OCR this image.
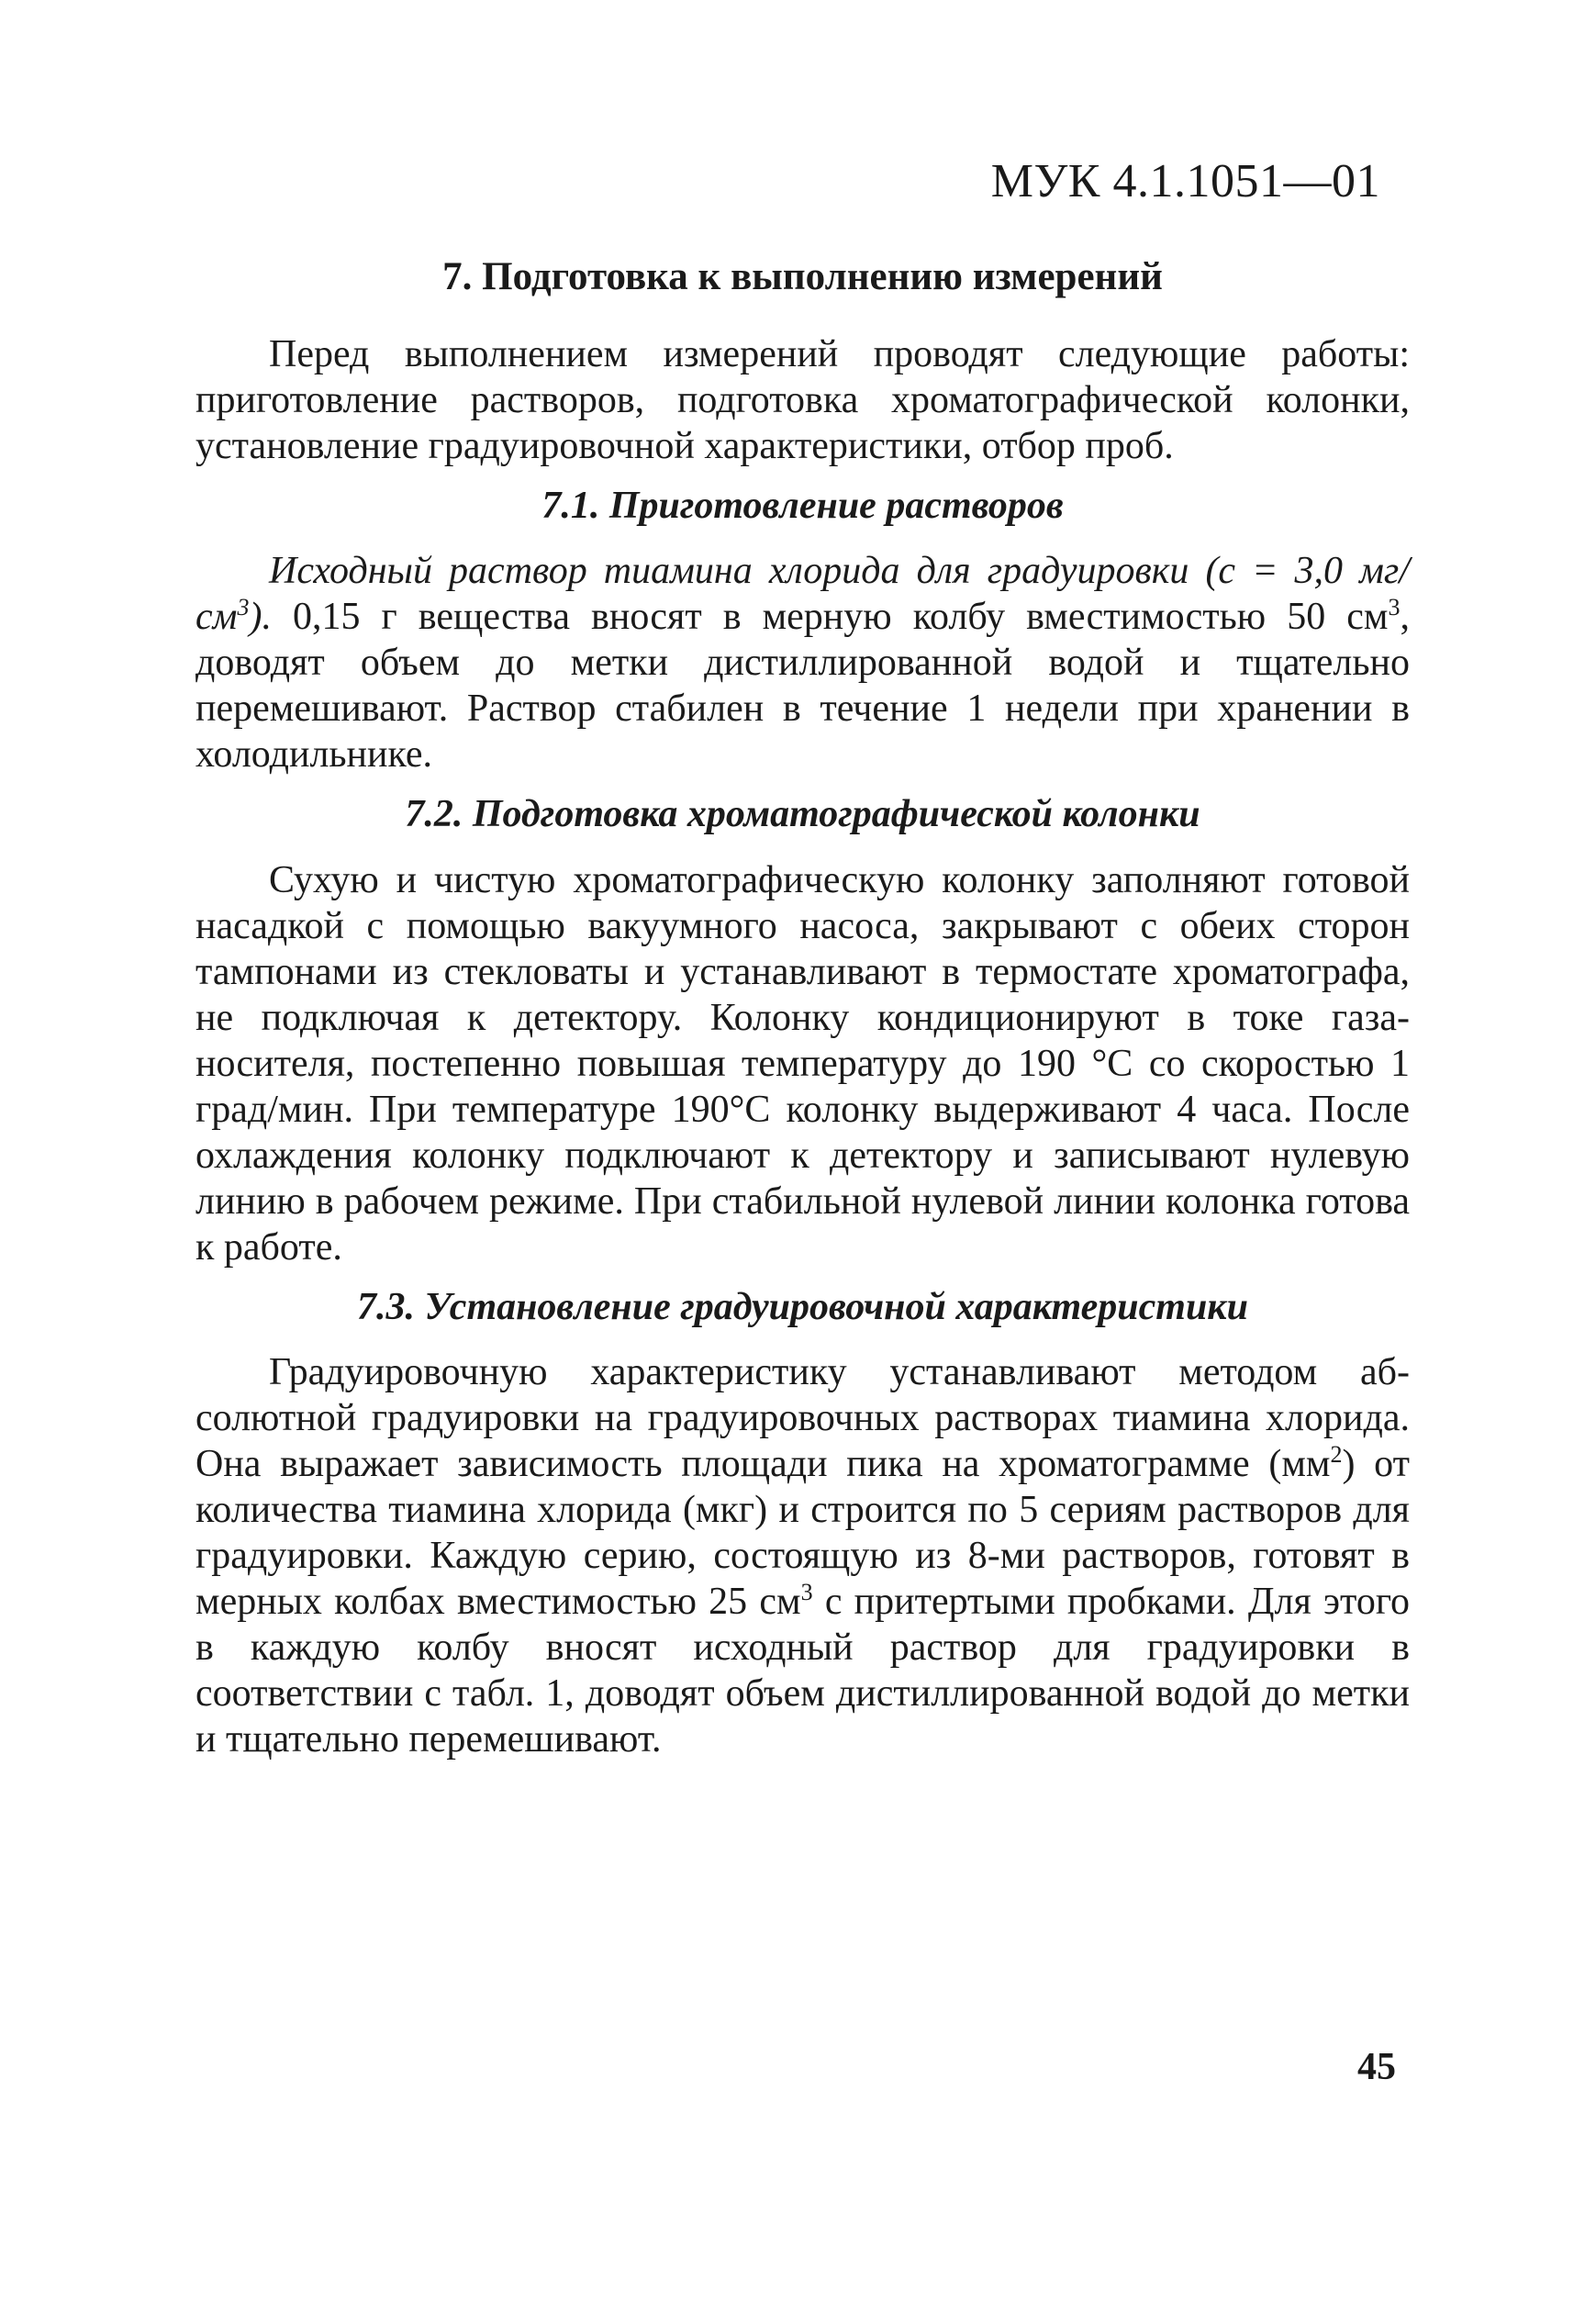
МУК 4.1.1051—01

7. Подготовка к выполнению измерений

Перед выполнением измерений проводят следующие работы: приготовление растворов, подготовка хроматографической колонки, установление градуировочной характеристики, отбор проб.

7.1. Приготовление растворов

Исходный раствор тиамина хлорида для градуировки (с = 3,0 $мг/см^3$). 0,15 г вещества вносят в мерную колбу вместимостью 50 $см^3$, доводят объем до метки дистиллированной водой и тщательно перемешивают. Раствор стабилен в течение 1 недели при хранении в холодильнике.

7.2. Подготовка хроматографической колонки

Сухую и чистую хроматографическую колонку заполняют готовой насадкой с помощью вакуумного насоса, закрывают с обеих сторон тампонами из стекловаты и устанавливают в термостате хроматографа, не подключая к детектору. Колонку кондиционируют в токе газа-носителя, постепенно повышая температуру до 190 °С со скоростью 1 град/мин. При температуре 190°С колонку выдерживают 4 часа. После охлаждения колонку подключают к детектору и записывают нулевую линию в рабочем режиме. При стабильной нулевой линии колонка готова к работе.

7.3. Установление градуировочной характеристики

Градуировочную характеристику устанавливают методом абсолютной градуировки на градуировочных растворах тиамина хлорида. Она выражает зависимость площади пика на хроматограмме $(мм^2)$ от количества тиамина хлорида (мкг) и строится по 5 сериям растворов для градуировки. Каждую серию, состоящую из 8-ми растворов, готовят в мерных колбах вместимостью 25 $см^3$ с притертыми пробками. Для этого в каждую колбу вносят исходный раствор для градуировки в соответствии с табл. 1, доводят объем дистиллированной водой до метки и тщательно перемешивают.

45
